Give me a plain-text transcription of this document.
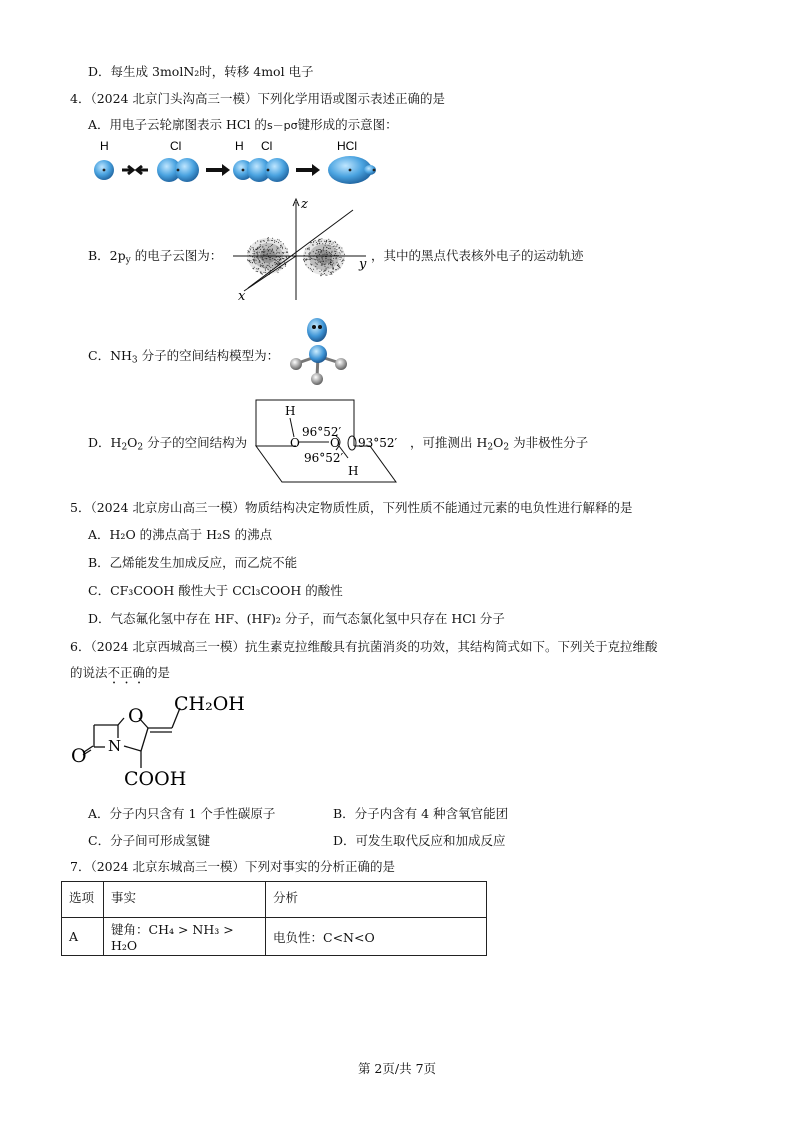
D．每生成 3molN₂时，转移 4mol 电子
4．（2024 北京门头沟高三一模）下列化学用语或图示表述正确的是
A．用电子云轮廓图表示 HCl 的s－pσ键形成的示意图：
H	Cl	H Cl	HCl
B．$2p_y$ 的电子云图为：
z
y
x
，其中的黑点代表核外电子的运动轨迹
C．$NH_3$ 分子的空间结构模型为：
D．$H_2O_2$ 分子的空间结构为
H
O	O
H
96°52′
96°52′
93°52′ ，可推测出 $H_2O_2$ 为非极性分子
5．（2024 北京房山高三一模）物质结构决定物质性质，下列性质不能通过元素的电负性进行解释的是
A．H₂O 的沸点高于 H₂S 的沸点
B．乙烯能发生加成反应，而乙烷不能
C．CF₃COOH 酸性大于 CCl₃COOH 的酸性
D．气态氟化氢中存在 HF、(HF)₂ 分子，而气态氯化氢中只存在 HCl 分子
6．（2024 北京西城高三一模）抗生素克拉维酸具有抗菌消炎的功效，其结构简式如下。下列关于克拉维酸
的说法不正确的是
O
N
O
CH₂OH
COOH
A．分子内只含有 1 个手性碳原子	B．分子内含有 4 种含氧官能团
C．分子间可形成氢键	D．可发生取代反应和加成反应
7．（2024 北京东城高三一模）下列对事实的分析正确的是
选项	事实	分析
A	键角：CH₄ > NH₃ > H₂O	电负性：C<N<O
第 2页/共 7页
